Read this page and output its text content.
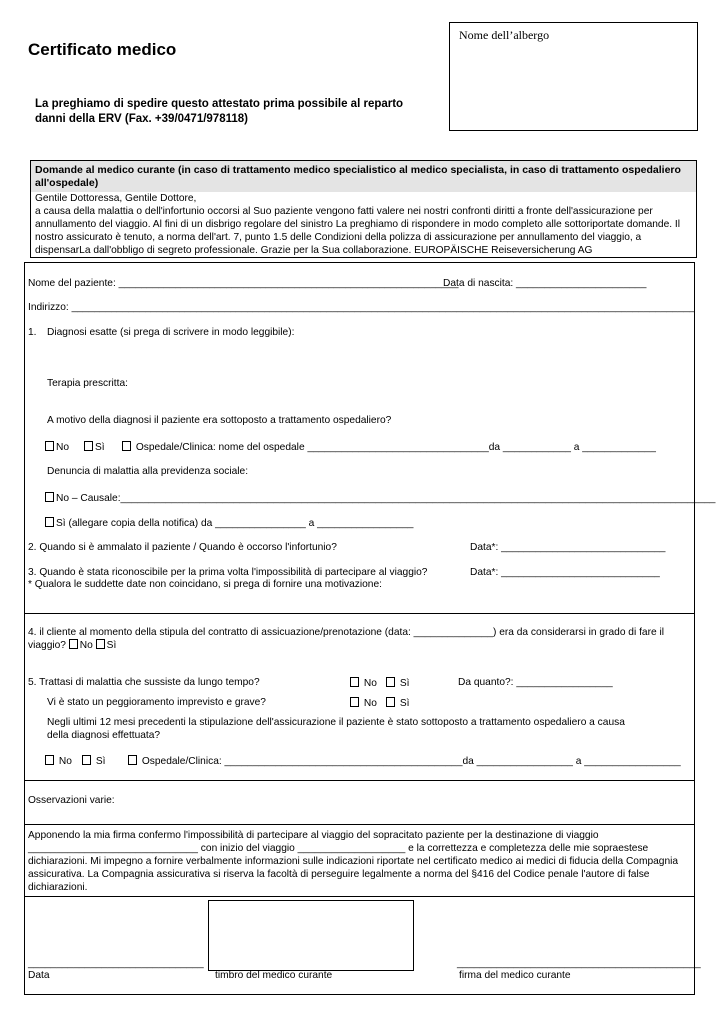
Certificato medico
La preghiamo di spedire questo attestato prima possibile al reparto danni della ERV (Fax. +39/0471/978118)
Nome dell’albergo
Domande al medico curante (in caso di trattamento medico specialistico al medico specialista, in caso di trattamento ospedaliero all'ospedale)
Gentile Dottoressa, Gentile Dottore,
a causa della malattia o dell'infortunio occorsi al Suo paziente vengono fatti valere nei nostri confronti diritti a fronte dell'assicurazione per annullamento del viaggio. Al fini di un disbrigo regolare del sinistro La preghiamo di rispondere in modo completo alle sottoriportate domande. Il nostro assicurato è tenuto, a norma dell'art. 7, punto 1.5 delle Condizioni della polizza di assicurazione per annullamento del viaggio, a dispensarLa dall'obbligo di segreto professionale. Grazie per la Sua collaborazione. EUROPÄISCHE Reiseversicherung AG
Nome del paziente: ____________________________________________________________
Data di nascita: _______________________
Indirizzo: ______________________________________________________________________________________________________________
1. Diagnosi esatte (si prega di scrivere in modo leggibile):
Terapia prescritta:
A motivo della diagnosi il paziente era sottoposto a trattamento ospedaliero?
No	Sì	Ospedale/Clinica: nome del ospedale ________________________________da ____________ a _____________
Denuncia di malattia alla previdenza sociale:
No – Causale:_________________________________________________________________________________________________________
Sì (allegare copia della notifica) da ________________ a _________________
2. Quando si è ammalato il paziente / Quando è occorso l'infortunio?	Data*: _____________________________
3. Quando è stata riconoscibile per la prima volta l'impossibilità di partecipare al viaggio?	Data*: ____________________________
* Qualora le suddette date non coincidano, si prega di fornire una motivazione:
4. il cliente al momento della stipula del contratto di assicuazione/prenotazione (data: ______________) era da considerarsi in grado di fare il viaggio? No Sì
5. Trattasi di malattia che sussiste da lungo tempo?	No	Sì	Da quanto?: _________________
Vi è stato un peggioramento imprevisto e grave?	No	Sì
Negli ultimi 12 mesi precedenti la stipulazione dell'assicurazione il paziente è stato sottoposto a trattamento ospedaliero a causa della diagnosi effettuata?
No	Sì	Ospedale/Clinica: __________________________________________da _________________ a _________________
Osservazioni varie:
Apponendo la mia firma confermo l'impossibilità di partecipare al viaggio del sopracitato paziente per la destinazione di viaggio ______________________________ con inizio del viaggio ___________________ e la correttezza e completezza delle mie sopraestese dichiarazioni. Mi impegno a fornire verbalmente informazioni sulle indicazioni riportate nel certificato medico ai medici di fiducia della Compagnia assicurativa. La Compagnia assicurativa si riserva la facoltà di perseguire legalmente a norma del §416 del Codice penale l'autore di false dichiarazioni.
_______________________________
Data	timbro del medico curante
___________________________________________
firma del medico curante
